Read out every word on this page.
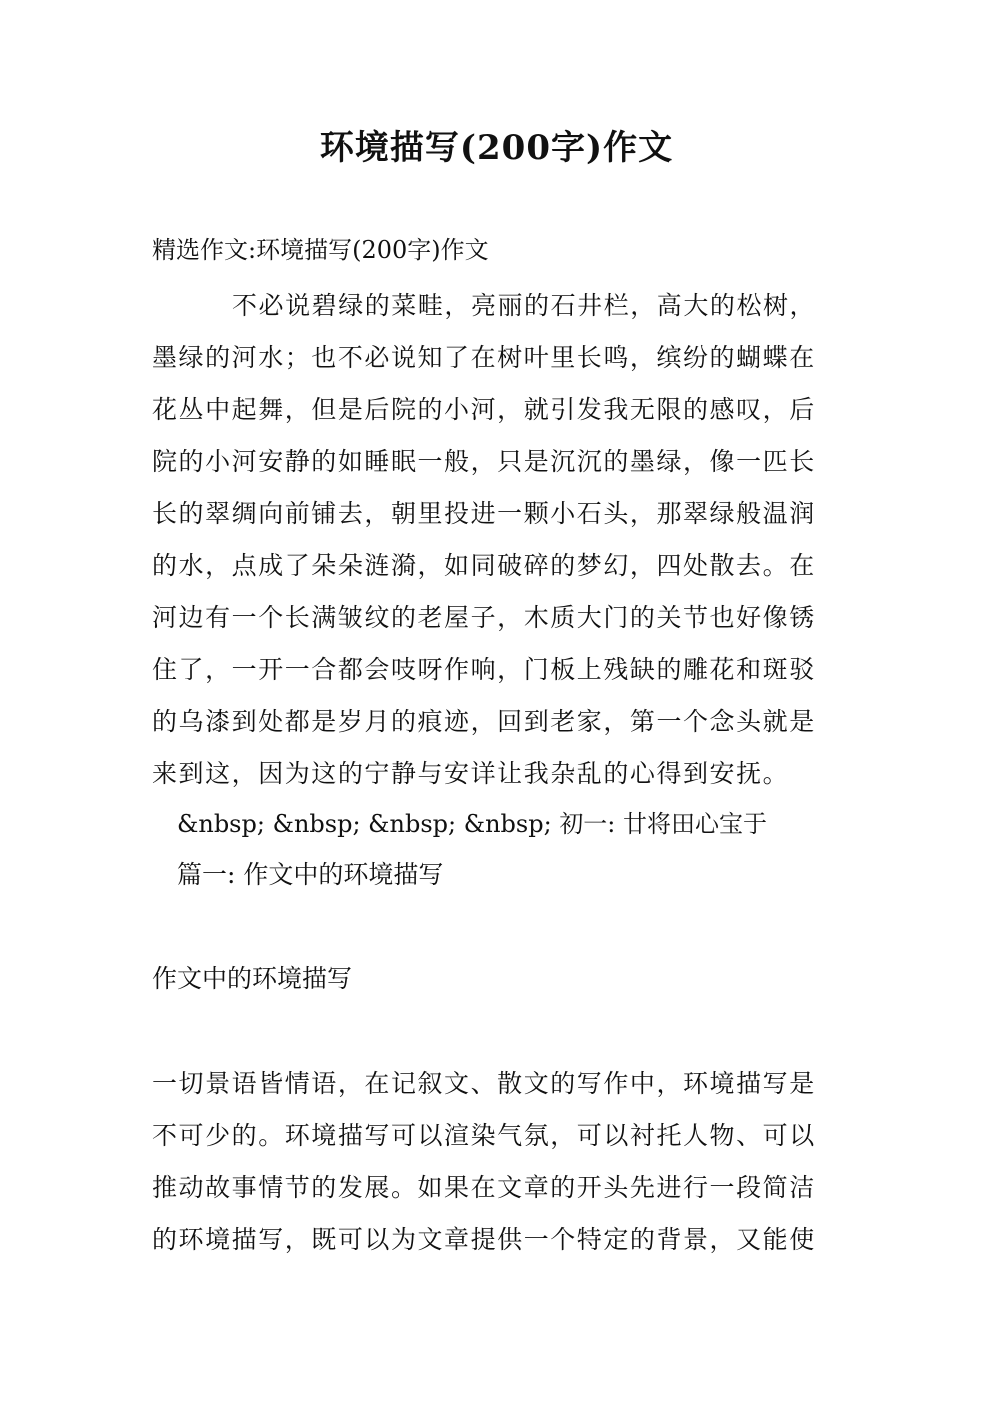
环境描写(200字)作文

精选作文:环境描写(200字)作文

不必说碧绿的菜畦，亮丽的石井栏，高大的松树，

墨绿的河水；也不必说知了在树叶里长鸣，缤纷的蝴蝶在

花丛中起舞，但是后院的小河，就引发我无限的感叹，后

院的小河安静的如睡眠一般，只是沉沉的墨绿，像一匹长

长的翠绸向前铺去，朝里投进一颗小石头，那翠绿般温润

的水，点成了朵朵涟漪，如同破碎的梦幻，四处散去。在

河边有一个长满皱纹的老屋子，木质大门的关节也好像锈

住了，一开一合都会吱呀作响，门板上残缺的雕花和斑驳

的乌漆到处都是岁月的痕迹，回到老家，第一个念头就是

来到这，因为这的宁静与安详让我杂乱的心得到安抚。

&nbsp; &nbsp; &nbsp; &nbsp; 初一: 廿将田心宝于

篇一: 作文中的环境描写

作文中的环境描写

一切景语皆情语，在记叙文、散文的写作中，环境描写是

不可少的。环境描写可以渲染气氛，可以衬托人物、可以

推动故事情节的发展。如果在文章的开头先进行一段简洁

的环境描写，既可以为文章提供一个特定的背景，又能使
